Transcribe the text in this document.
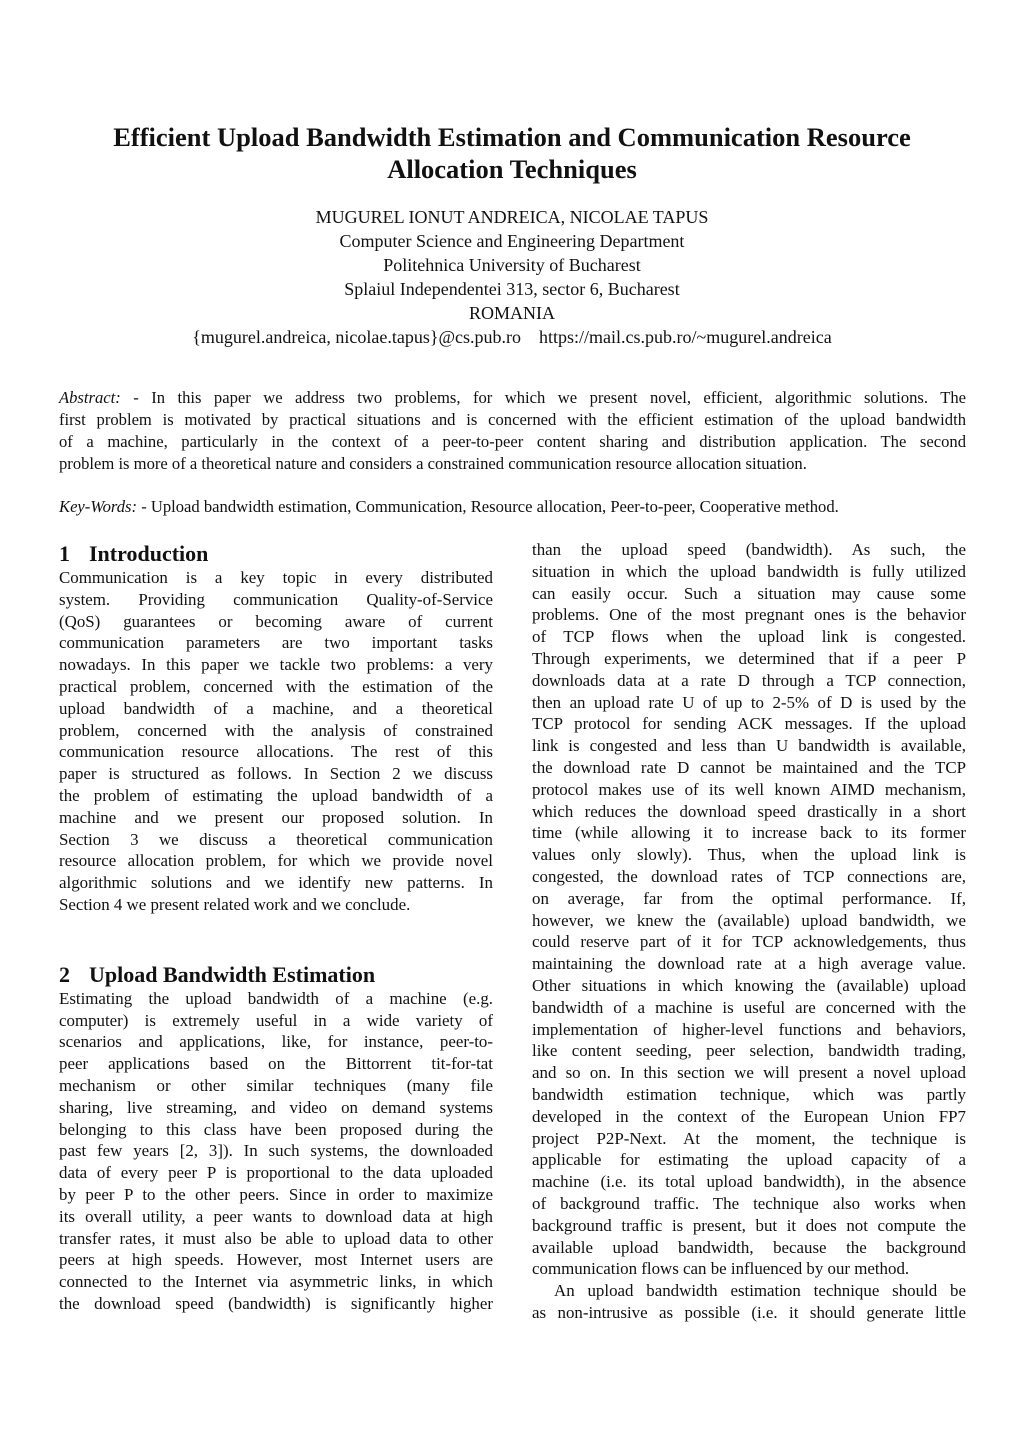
Efficient Upload Bandwidth Estimation and Communication Resource
Allocation Techniques
MUGUREL IONUT ANDREICA, NICOLAE TAPUS
Computer Science and Engineering Department
Politehnica University of Bucharest
Splaiul Independentei 313, sector 6, Bucharest
ROMANIA
{mugurel.andreica, nicolae.tapus}@cs.pub.ro    https://mail.cs.pub.ro/~mugurel.andreica
Abstract: - In this paper we address two problems, for which we present novel, efficient, algorithmic solutions. The
first problem is motivated by practical situations and is concerned with the efficient estimation of the upload bandwidth
of a machine, particularly in the context of a peer-to-peer content sharing and distribution application. The second
problem is more of a theoretical nature and considers a constrained communication resource allocation situation.
Key-Words: - Upload bandwidth estimation, Communication, Resource allocation, Peer-to-peer, Cooperative method.
1 Introduction
Communication is a key topic in every distributed
system. Providing communication Quality-of-Service
(QoS) guarantees or becoming aware of current
communication parameters are two important tasks
nowadays. In this paper we tackle two problems: a very
practical problem, concerned with the estimation of the
upload bandwidth of a machine, and a theoretical
problem, concerned with the analysis of constrained
communication resource allocations. The rest of this
paper is structured as follows. In Section 2 we discuss
the problem of estimating the upload bandwidth of a
machine and we present our proposed solution. In
Section 3 we discuss a theoretical communication
resource allocation problem, for which we provide novel
algorithmic solutions and we identify new patterns. In
Section 4 we present related work and we conclude.
2 Upload Bandwidth Estimation
Estimating the upload bandwidth of a machine (e.g.
computer) is extremely useful in a wide variety of
scenarios and applications, like, for instance, peer-to-
peer applications based on the Bittorrent tit-for-tat
mechanism or other similar techniques (many file
sharing, live streaming, and video on demand systems
belonging to this class have been proposed during the
past few years [2, 3]). In such systems, the downloaded
data of every peer P is proportional to the data uploaded
by peer P to the other peers. Since in order to maximize
its overall utility, a peer wants to download data at high
transfer rates, it must also be able to upload data to other
peers at high speeds. However, most Internet users are
connected to the Internet via asymmetric links, in which
the download speed (bandwidth) is significantly higher
than the upload speed (bandwidth). As such, the
situation in which the upload bandwidth is fully utilized
can easily occur. Such a situation may cause some
problems. One of the most pregnant ones is the behavior
of TCP flows when the upload link is congested.
Through experiments, we determined that if a peer P
downloads data at a rate D through a TCP connection,
then an upload rate U of up to 2-5% of D is used by the
TCP protocol for sending ACK messages. If the upload
link is congested and less than U bandwidth is available,
the download rate D cannot be maintained and the TCP
protocol makes use of its well known AIMD mechanism,
which reduces the download speed drastically in a short
time (while allowing it to increase back to its former
values only slowly). Thus, when the upload link is
congested, the download rates of TCP connections are,
on average, far from the optimal performance. If,
however, we knew the (available) upload bandwidth, we
could reserve part of it for TCP acknowledgements, thus
maintaining the download rate at a high average value.
Other situations in which knowing the (available) upload
bandwidth of a machine is useful are concerned with the
implementation of higher-level functions and behaviors,
like content seeding, peer selection, bandwidth trading,
and so on. In this section we will present a novel upload
bandwidth estimation technique, which was partly
developed in the context of the European Union FP7
project P2P-Next. At the moment, the technique is
applicable for estimating the upload capacity of a
machine (i.e. its total upload bandwidth), in the absence
of background traffic. The technique also works when
background traffic is present, but it does not compute the
available upload bandwidth, because the background
communication flows can be influenced by our method.
An upload bandwidth estimation technique should be
as non-intrusive as possible (i.e. it should generate little
